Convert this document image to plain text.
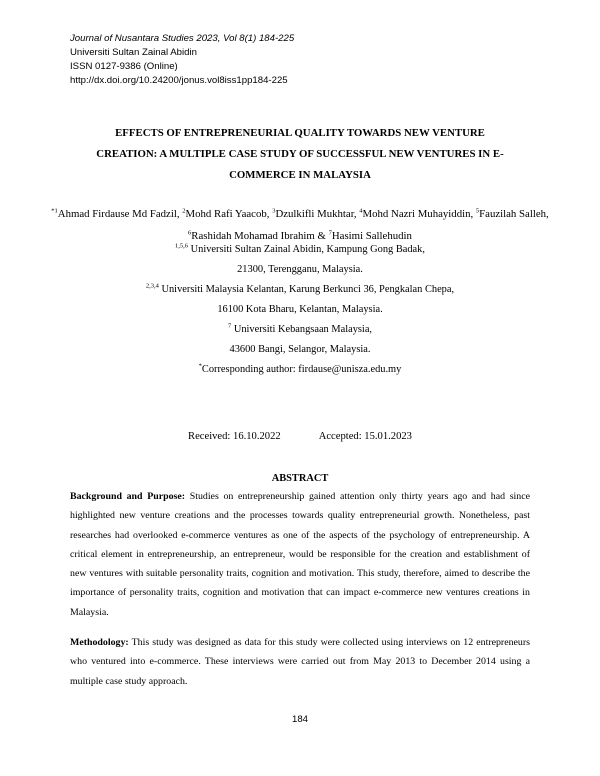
Journal of Nusantara Studies 2023, Vol 8(1) 184-225
Universiti Sultan Zainal Abidin
ISSN 0127-9386 (Online)
http://dx.doi.org/10.24200/jonus.vol8iss1pp184-225
EFFECTS OF ENTREPRENEURIAL QUALITY TOWARDS NEW VENTURE
CREATION: A MULTIPLE CASE STUDY OF SUCCESSFUL NEW VENTURES IN E-
COMMERCE IN MALAYSIA
$^{*1}$Ahmad Firdause Md Fadzil, $^2$Mohd Rafi Yaacob, $^3$Dzulkifli Mukhtar, $^4$Mohd Nazri Muhayiddin, $^5$Fauzilah Salleh, $^6$Rashidah Mohamad Ibrahim & $^7$Hasimi Sallehudin
$^{1,5,6}$ Universiti Sultan Zainal Abidin, Kampung Gong Badak,
21300, Terengganu, Malaysia.
$^{2,3,4}$ Universiti Malaysia Kelantan, Karung Berkunci 36, Pengkalan Chepa,
16100 Kota Bharu, Kelantan, Malaysia.
$^7$ Universiti Kebangsaan Malaysia,
43600 Bangi, Selangor, Malaysia.
*Corresponding author: firdause@unisza.edu.my
Received: 16.10.2022	Accepted: 15.01.2023
ABSTRACT
Background and Purpose: Studies on entrepreneurship gained attention only thirty years ago and had since highlighted new venture creations and the processes towards quality entrepreneurial growth. Nonetheless, past researches had overlooked e-commerce ventures as one of the aspects of the psychology of entrepreneurship. A critical element in entrepreneurship, an entrepreneur, would be responsible for the creation and establishment of new ventures with suitable personality traits, cognition and motivation. This study, therefore, aimed to describe the importance of personality traits, cognition and motivation that can impact e-commerce new ventures creations in Malaysia.
Methodology: This study was designed as data for this study were collected using interviews on 12 entrepreneurs who ventured into e-commerce. These interviews were carried out from May 2013 to December 2014 using a multiple case study approach.
184
